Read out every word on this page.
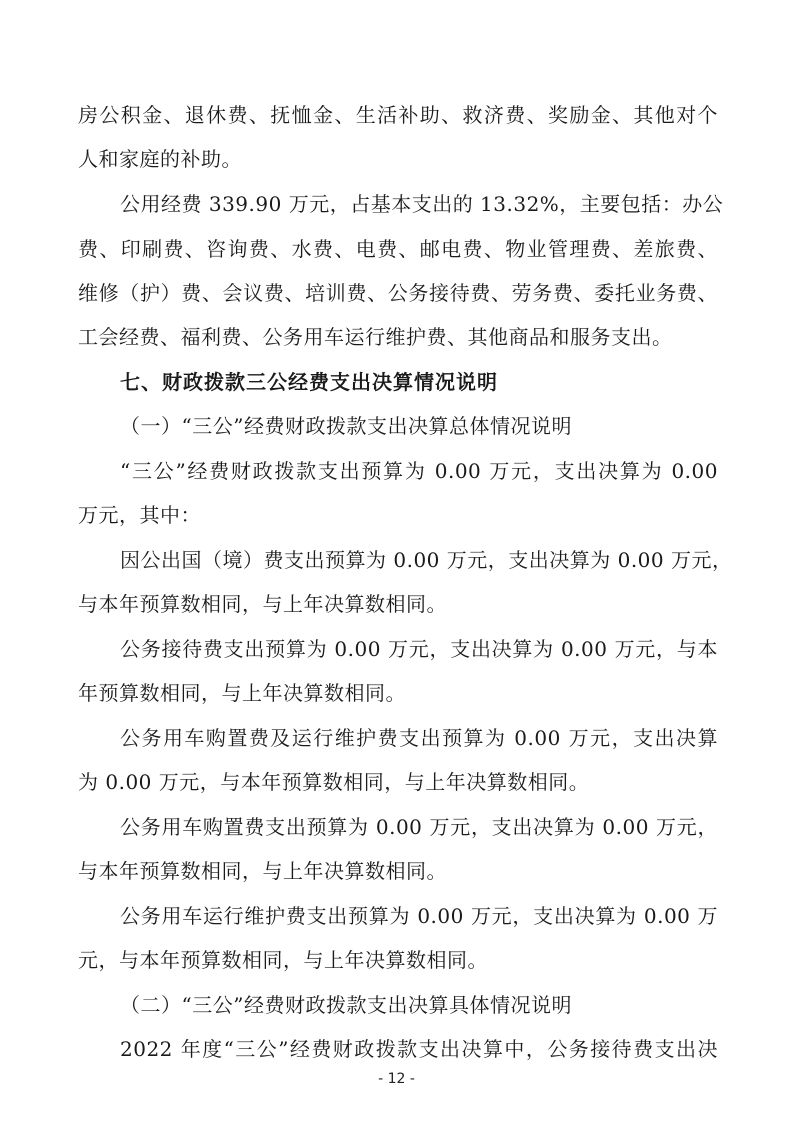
房公积金、退休费、抚恤金、生活补助、救济费、奖励金、其他对个
人和家庭的补助。
公用经费 339.90 万元，占基本支出的 13.32%，主要包括：办公
费、印刷费、咨询费、水费、电费、邮电费、物业管理费、差旅费、
维修（护）费、会议费、培训费、公务接待费、劳务费、委托业务费、
工会经费、福利费、公务用车运行维护费、其他商品和服务支出。
七、财政拨款三公经费支出决算情况说明
（一）“三公”经费财政拨款支出决算总体情况说明
“三公”经费财政拨款支出预算为 0.00 万元，支出决算为 0.00
万元，其中：
因公出国（境）费支出预算为 0.00 万元，支出决算为 0.00 万元，
与本年预算数相同，与上年决算数相同。
公务接待费支出预算为 0.00 万元，支出决算为 0.00 万元，与本
年预算数相同，与上年决算数相同。
公务用车购置费及运行维护费支出预算为 0.00 万元，支出决算
为 0.00 万元，与本年预算数相同，与上年决算数相同。
公务用车购置费支出预算为 0.00 万元，支出决算为 0.00 万元，
与本年预算数相同，与上年决算数相同。
公务用车运行维护费支出预算为 0.00 万元，支出决算为 0.00 万
元，与本年预算数相同，与上年决算数相同。
（二）“三公”经费财政拨款支出决算具体情况说明
2022 年度“三公”经费财政拨款支出决算中，公务接待费支出决
- 12 -
